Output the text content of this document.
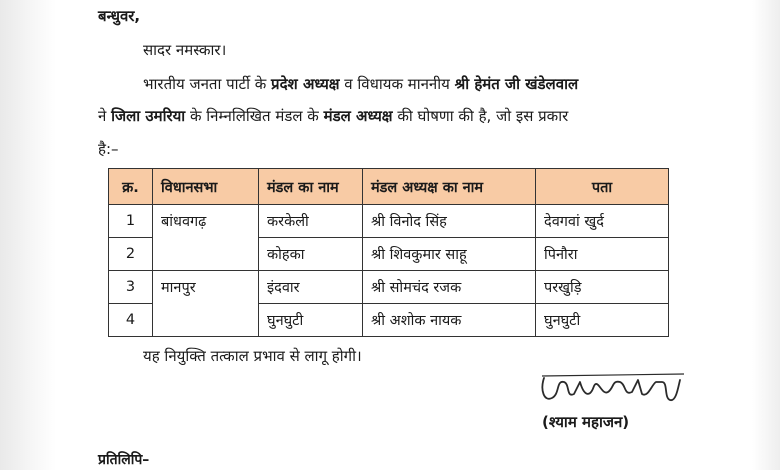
बन्धुवर,
सादर नमस्कार।
भारतीय जनता पार्टी के प्रदेश अध्यक्ष व विधायक माननीय श्री हेमंत जी खंडेलवाल
ने जिला उमरिया के निम्नलिखित मंडल के मंडल अध्यक्ष की घोषणा की है, जो इस प्रकार
है:–
क्र.	विधानसभा	मंडल का नाम	मंडल अध्यक्ष का नाम	पता
1	बांधवगढ़	करकेली	श्री विनोद सिंह	देवगवां खुर्द
2		कोहका	श्री शिवकुमार साहू	पिनौरा
3	मानपुर	इंदवार	श्री सोमचंद रजक	परखुड़ि
4		घुनघुटी	श्री अशोक नायक	घुनघुटी
यह नियुक्ति तत्काल प्रभाव से लागू होगी।
(श्याम महाजन)
प्रतिलिपि–
